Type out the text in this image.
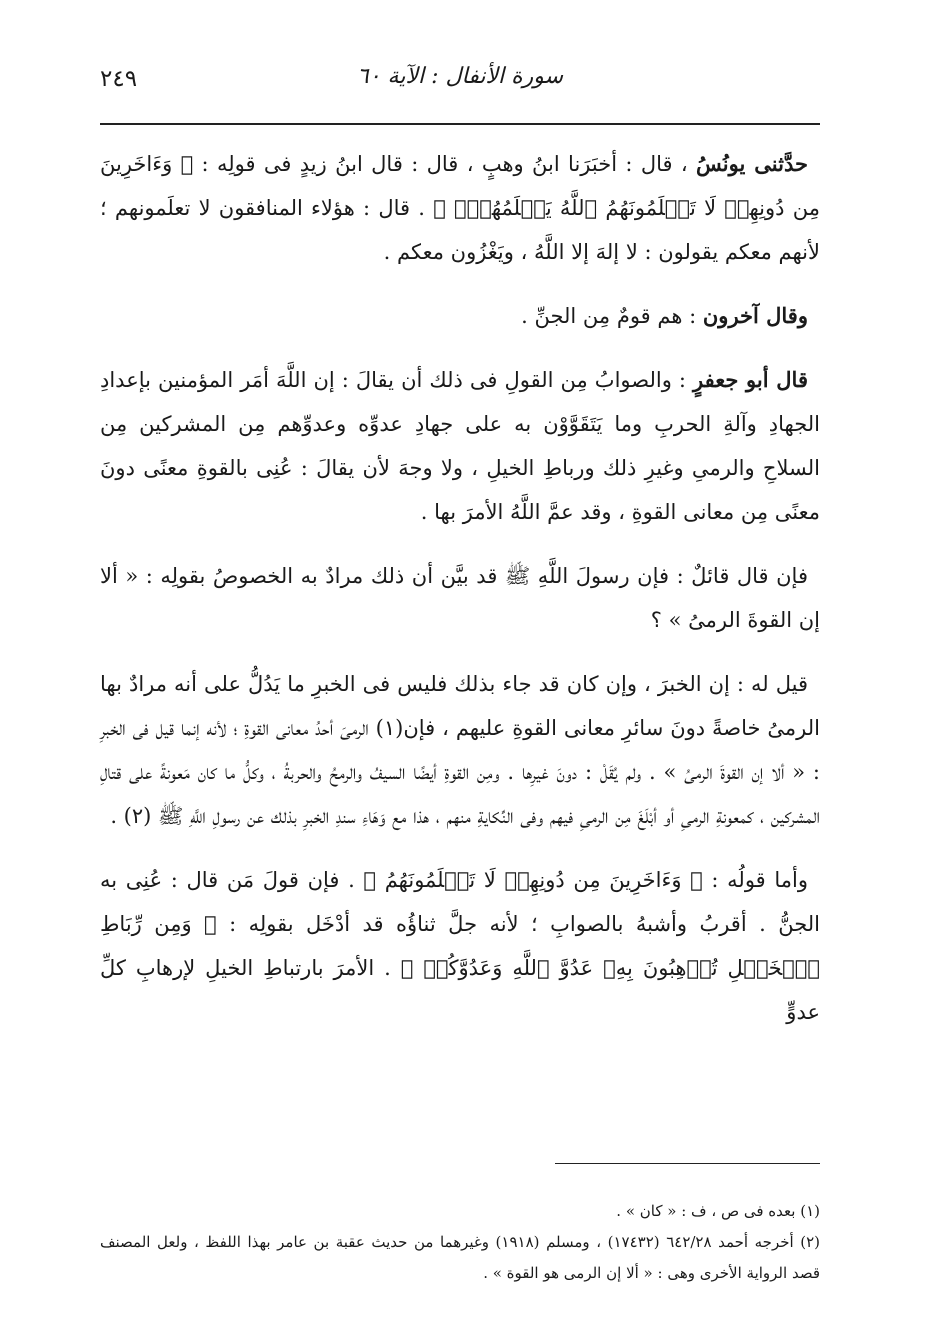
٢٤٩	سورة الأنفال : الآية ٦٠

حدَّثنى يونُسُ ، قال : أخبَرَنا ابنُ وهبٍ ، قال : قال ابنُ زيدٍ فى قولِه : ﴿ وَءَاخَرِينَ مِن دُونِهِمۡ لَا تَعۡلَمُونَهُمُ ٱللَّهُ يَعۡلَمُهُمۡۚ ﴾ . قال : هؤلاء المنافقون لا تعلَمونهم ؛ لأنهم معكم يقولون : لا إلهَ إلا اللَّهُ ، ويَغْزُون معكم .

وقال آخرون : هم قومٌ مِن الجنِّ .

قال أبو جعفرٍ : والصوابُ مِن القولِ فى ذلك أن يقالَ : إن اللَّهَ أمَر المؤمنين بإعدادِ الجهادِ وآلةِ الحربِ وما يَتَقَوَّوْن به على جهادِ عدوِّه وعدوِّهم مِن المشركين مِن السلاحِ والرمىِ وغيرِ ذلك ورباطِ الخيلِ ، ولا وجهَ لأن يقالَ : عُنِى بالقوةِ معنًى دونَ معنًى مِن معانى القوةِ ، وقد عمَّ اللَّهُ الأمرَ بها .

فإن قال قائلٌ : فإن رسولَ اللَّهِ ﷺ قد بيَّن أن ذلك مرادٌ به الخصوصُ بقولِه : « ألا إن القوةَ الرمىُ » ؟

قيل له : إن الخبرَ ، وإن كان قد جاء بذلك فليس فى الخبرِ ما يَدُلُّ على أنه مرادٌ بها الرمىُ خاصةً دونَ سائرِ معانى القوةِ عليهم ، فإن(١) الرمىَ أحدُ معانى القوةِ ؛ لأنه إنما قيل فى الخبرِ : « ألا إن القوةَ الرمىُ » . ولم يُقَلْ : دونَ غيرِها . ومِن القوةِ أيضًا السيفُ والرمحُ والحربةُ ، وكلُّ ما كان مَعونةً على قتالِ المشركين ، كمعونةِ الرمىِ أو أبْلَغَ مِن الرمىِ فيهم وفى النِّكايةِ منهم ، هذا مع وَهَاءِ سندِ الخبرِ بذلك عن رسولِ اللَّهِ ﷺ (٢) .

وأما قولُه : ﴿ وَءَاخَرِينَ مِن دُونِهِمۡ لَا تَعۡلَمُونَهُمُ ﴾ . فإن قولَ مَن قال : عُنِى به الجنُّ . أقربُ وأشبهُ بالصوابِ ؛ لأنه جلَّ ثناؤُه قد أدْخَل بقولِه : ﴿ وَمِن رِّبَاطِ ٱلۡخَيۡلِ تُرۡهِبُونَ بِهِۦ عَدُوَّ ٱللَّهِ وَعَدُوَّكُمۡ ﴾ . الأمرَ بارتباطِ الخيلِ لإرهابِ كلِّ عدوٍّ

(١) بعده فى ص ، ف : « كان » .

(٢) أخرجه أحمد ٦٤٢/٢٨ (١٧٤٣٢) ، ومسلم (١٩١٨) وغيرهما من حديث عقبة بن عامر بهذا اللفظ ، ولعل المصنف قصد الرواية الأخرى وهى : « ألا إن الرمى هو القوة » .
